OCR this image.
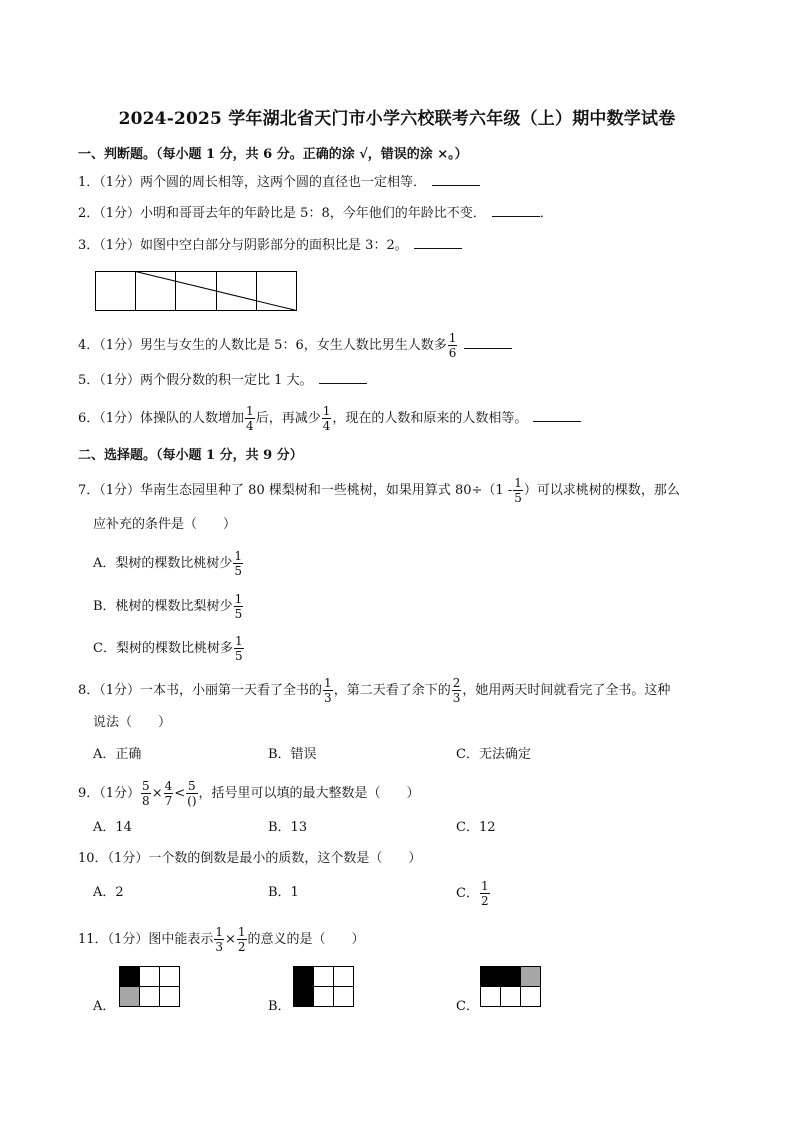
2024-2025 学年湖北省天门市小学六校联考六年级（上）期中数学试卷
一、判断题。（每小题 1 分，共 6 分。正确的涂 √，错误的涂 ×。）
1．（1分）两个圆的周长相等，这两个圆的直径也一定相等．
2．（1分）小明和哥哥去年的年龄比是 5：8，今年他们的年龄比不变．	．
3．（1分）如图中空白部分与阴影部分的面积比是 3：2。
4．（1分）男生与女生的人数比是 5：6，女生人数比男生人数多 $\frac{1}{6}$
5．（1分）两个假分数的积一定比 1 大。
6．（1分）体操队的人数增加 $\frac{1}{4}$ 后，再减少 $\frac{1}{4}$ ，现在的人数和原来的人数相等。
二、选择题。（每小题 1 分，共 9 分）
7．（1分）华南生态园里种了 80 棵梨树和一些桃树，如果用算式 $80\div(1 - \frac{1}{5}$ ）可以求桃树的棵数，那么
应补充的条件是（　　）
A．梨树的棵数比桃树少 $\frac{1}{5}$
B．桃树的棵数比梨树少 $\frac{1}{5}$
C．梨树的棵数比桃树多 $\frac{1}{5}$
8．（1分）一本书，小丽第一天看了全书的 $\frac{1}{3}$ ，第二天看了余下的 $\frac{2}{3}$ ，她用两天时间就看完了全书。这种
说法（　　）
A．正确	B．错误	C．无法确定
9．（1分） $\frac{5}{8} \times \frac{4}{7} < \frac{5}{()}$ ，括号里可以填的最大整数是（　　）
A．14	B．13	C．12
10．（1分）一个数的倒数是最小的质数，这个数是（　　）
A．2	B．1	C． $\frac{1}{2}$
11．（1分）图中能表示 $\frac{1}{3} \times \frac{1}{2}$ 的意义的是（　　）
A．	B．	C．
